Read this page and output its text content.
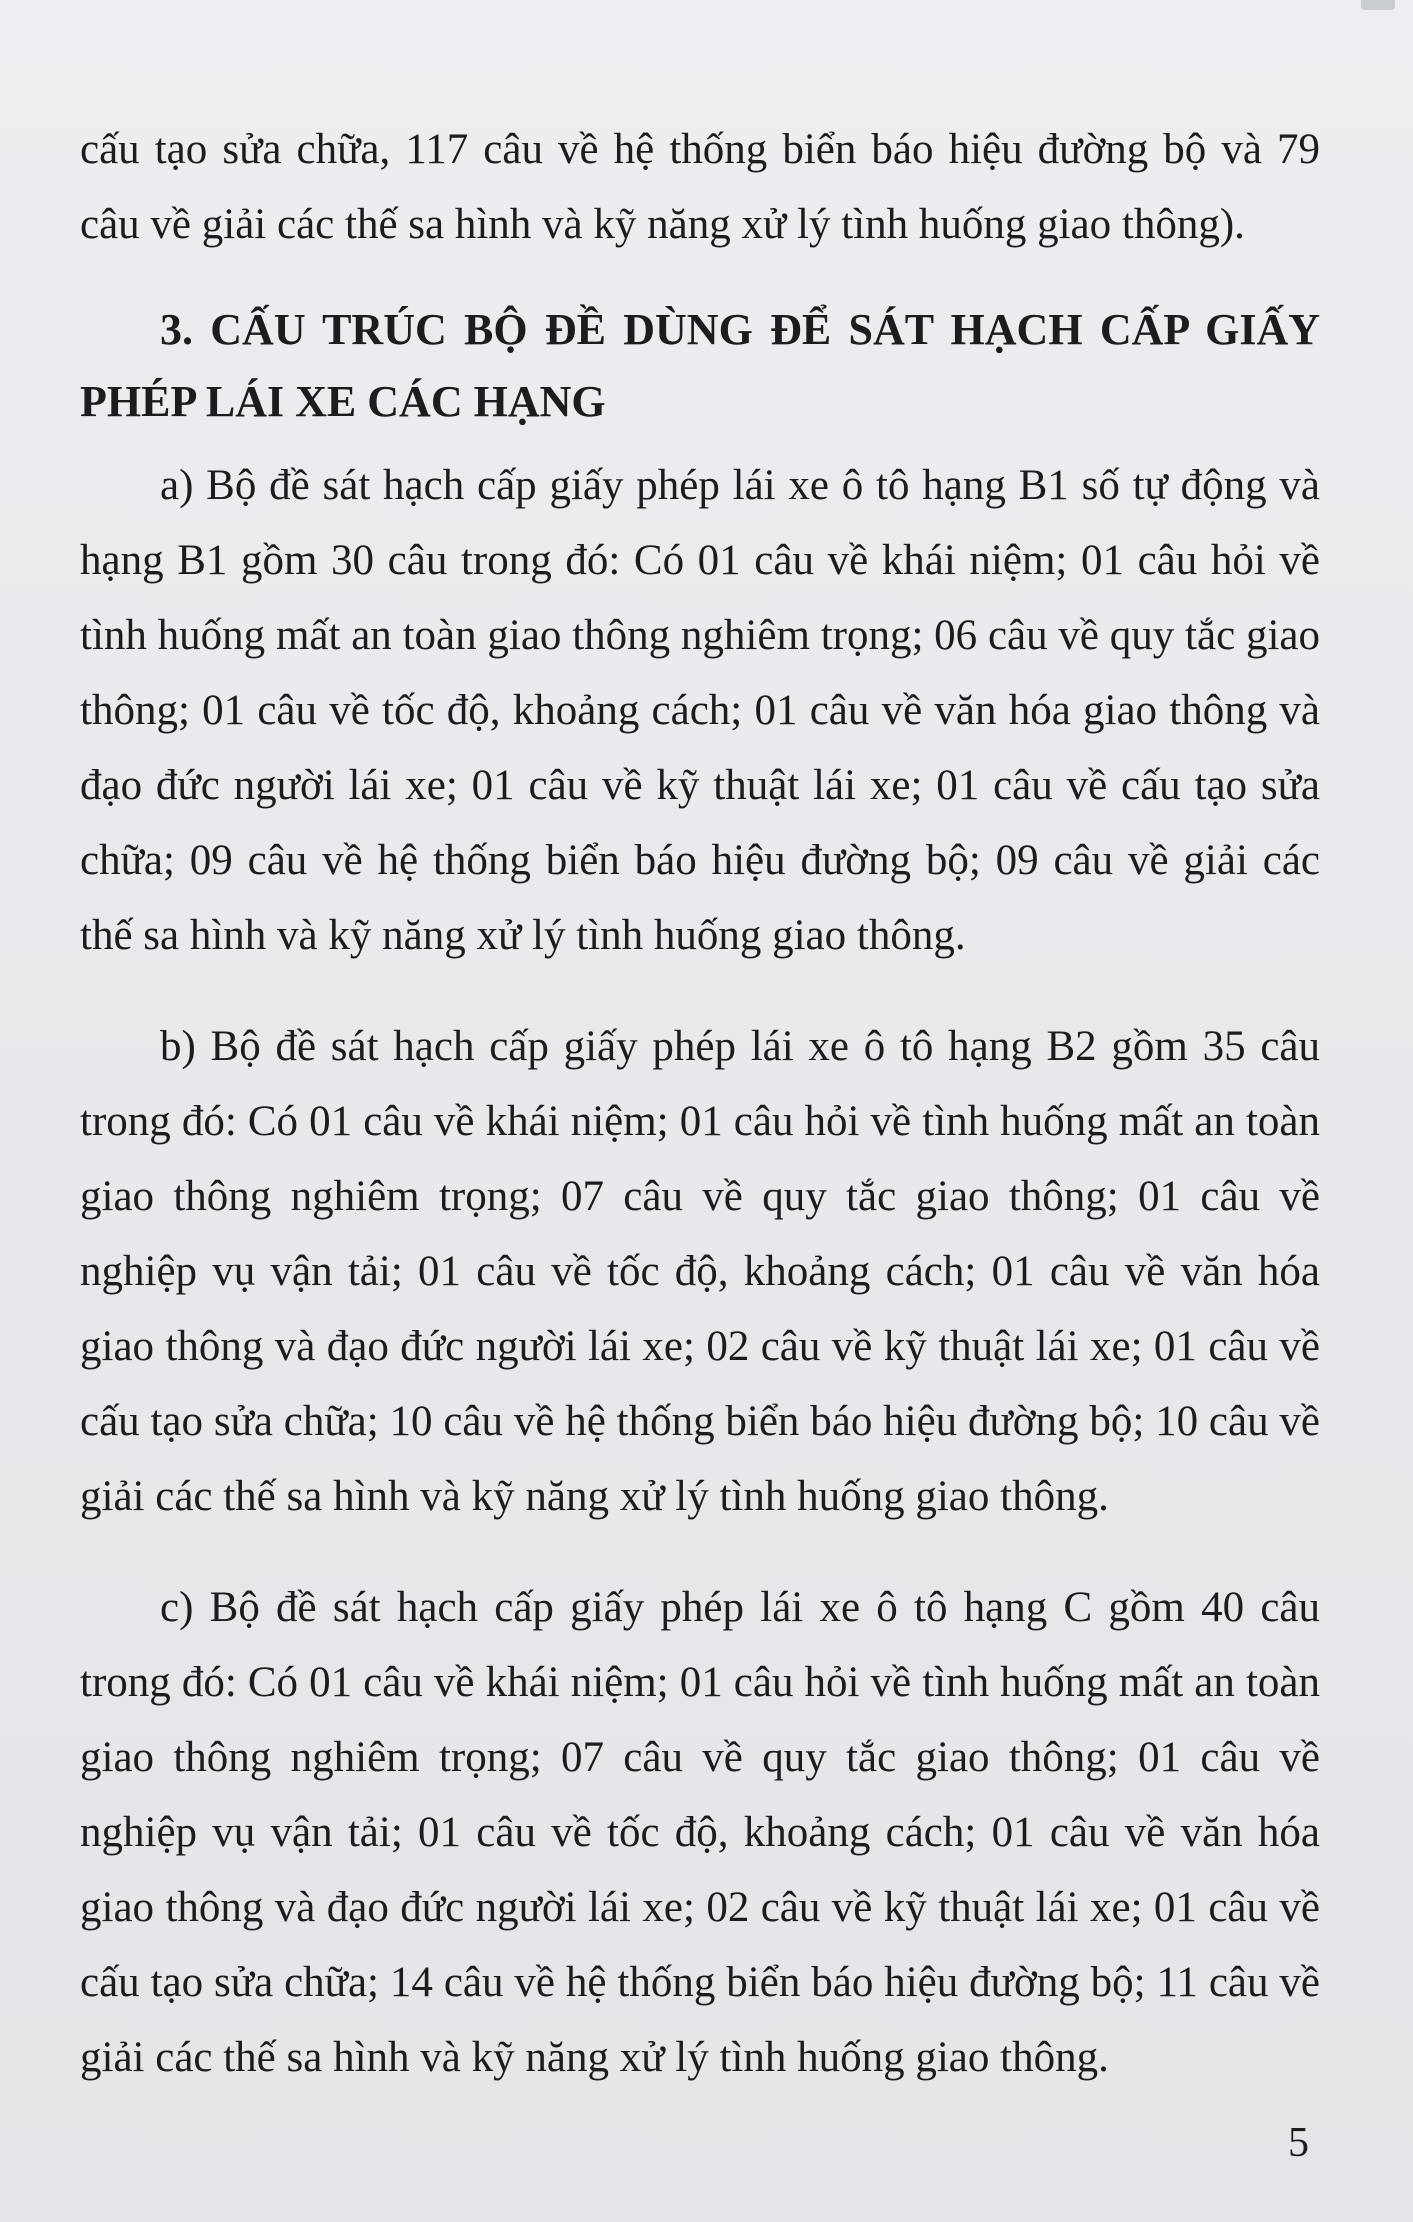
cấu tạo sửa chữa, 117 câu về hệ thống biển báo hiệu đường bộ và 79 câu về giải các thế sa hình và kỹ năng xử lý tình huống giao thông).

3. CẤU TRÚC BỘ ĐỀ DÙNG ĐỂ SÁT HẠCH CẤP GIẤY PHÉP LÁI XE CÁC HẠNG

a) Bộ đề sát hạch cấp giấy phép lái xe ô tô hạng B1 số tự động và hạng B1 gồm 30 câu trong đó: Có 01 câu về khái niệm; 01 câu hỏi về tình huống mất an toàn giao thông nghiêm trọng; 06 câu về quy tắc giao thông; 01 câu về tốc độ, khoảng cách; 01 câu về văn hóa giao thông và đạo đức người lái xe; 01 câu về kỹ thuật lái xe; 01 câu về cấu tạo sửa chữa; 09 câu về hệ thống biển báo hiệu đường bộ; 09 câu về giải các thế sa hình và kỹ năng xử lý tình huống giao thông.

b) Bộ đề sát hạch cấp giấy phép lái xe ô tô hạng B2 gồm 35 câu trong đó: Có 01 câu về khái niệm; 01 câu hỏi về tình huống mất an toàn giao thông nghiêm trọng; 07 câu về quy tắc giao thông; 01 câu về nghiệp vụ vận tải; 01 câu về tốc độ, khoảng cách; 01 câu về văn hóa giao thông và đạo đức người lái xe; 02 câu về kỹ thuật lái xe; 01 câu về cấu tạo sửa chữa; 10 câu về hệ thống biển báo hiệu đường bộ; 10 câu về giải các thế sa hình và kỹ năng xử lý tình huống giao thông.

c) Bộ đề sát hạch cấp giấy phép lái xe ô tô hạng C gồm 40 câu trong đó: Có 01 câu về khái niệm; 01 câu hỏi về tình huống mất an toàn giao thông nghiêm trọng; 07 câu về quy tắc giao thông; 01 câu về nghiệp vụ vận tải; 01 câu về tốc độ, khoảng cách; 01 câu về văn hóa giao thông và đạo đức người lái xe; 02 câu về kỹ thuật lái xe; 01 câu về cấu tạo sửa chữa; 14 câu về hệ thống biển báo hiệu đường bộ; 11 câu về giải các thế sa hình và kỹ năng xử lý tình huống giao thông.

5
